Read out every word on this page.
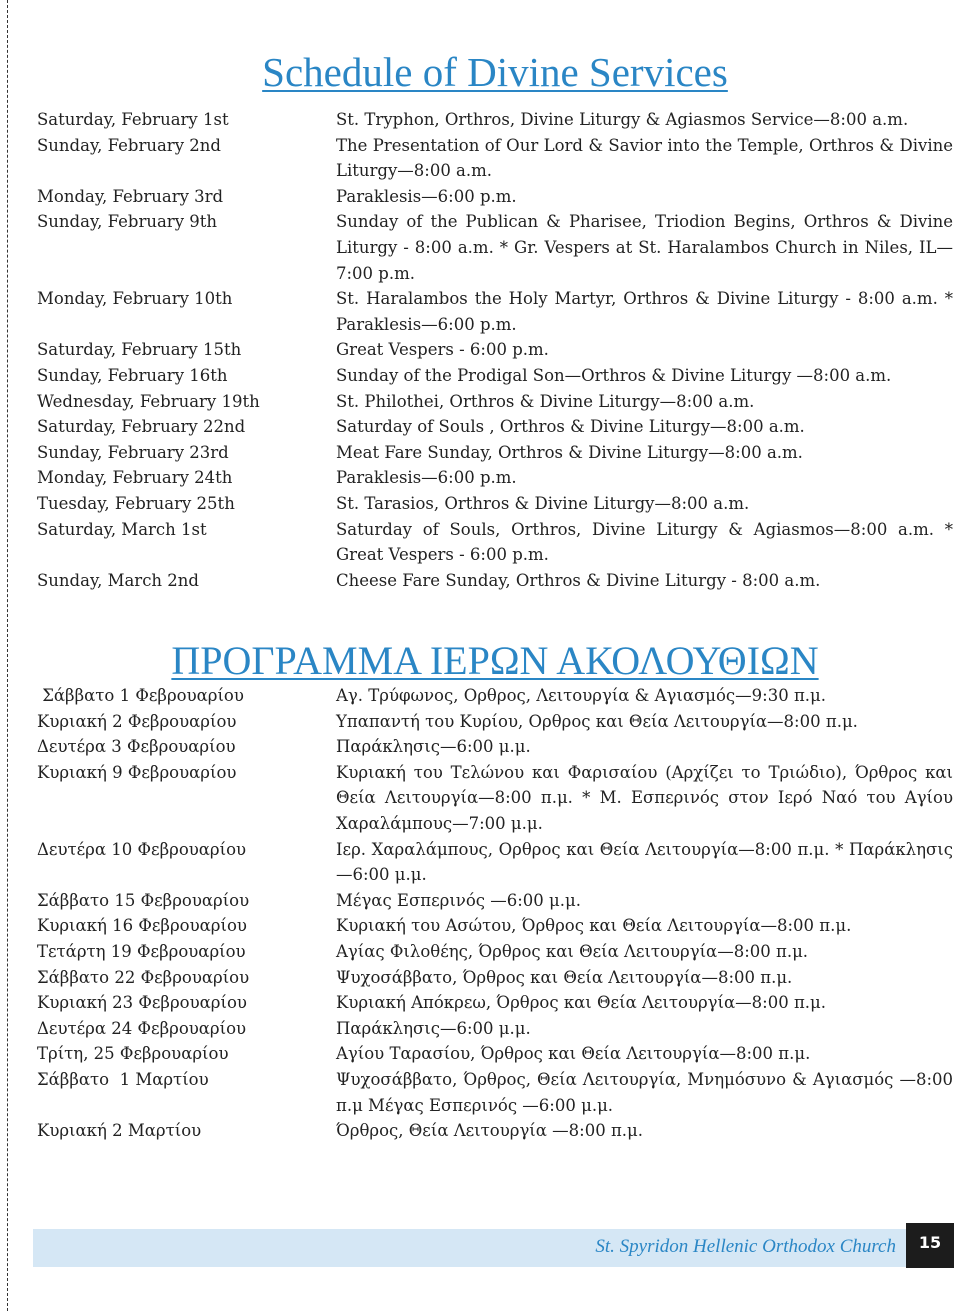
Schedule of Divine Services
Saturday, February 1st	St. Tryphon, Orthros, Divine Liturgy & Agiasmos Service—8:00 a.m.
Sunday, February 2nd	The Presentation of Our Lord & Savior into the Temple, Orthros & Divine Liturgy—8:00 a.m.
Monday, February 3rd	Paraklesis—6:00 p.m.
Sunday, February 9th	Sunday of the Publican & Pharisee, Triodion Begins, Orthros & Divine Liturgy - 8:00 a.m. * Gr. Vespers at St. Haralambos Church in Niles, IL—7:00 p.m.
Monday, February 10th	St. Haralambos the Holy Martyr, Orthros & Divine Liturgy - 8:00 a.m. * Paraklesis—6:00 p.m.
Saturday, February 15th	Great Vespers - 6:00 p.m.
Sunday, February 16th	Sunday of the Prodigal Son—Orthros & Divine Liturgy —8:00 a.m.
Wednesday, February 19th	St. Philothei, Orthros & Divine Liturgy—8:00 a.m.
Saturday, February 22nd	Saturday of Souls , Orthros & Divine Liturgy—8:00 a.m.
Sunday, February 23rd	Meat Fare Sunday, Orthros & Divine Liturgy—8:00 a.m.
Monday, February 24th	Paraklesis—6:00 p.m.
Tuesday, February 25th	St. Tarasios, Orthros & Divine Liturgy—8:00 a.m.
Saturday, March 1st	Saturday of Souls, Orthros, Divine Liturgy & Agiasmos—8:00 a.m. * Great Vespers - 6:00 p.m.
Sunday, March 2nd	Cheese Fare Sunday, Orthros & Divine Liturgy - 8:00 a.m.
ΠΡΟΓΡΑΜΜΑ ΙΕΡΩΝ ΑΚΟΛΟΥΘΙΩΝ
Σάββατο 1 Φεβρουαρίου	Αγ. Τρύφωνος, Ορθρος, Λειτουργία & Αγιασμός—9:30 π.μ.
Κυριακή 2 Φεβρουαρίου	Υπαπαντή του Κυρίου, Ορθρος και Θεία Λειτουργία—8:00 π.μ.
Δευτέρα 3 Φεβρουαρίου	Παράκλησις—6:00 μ.μ.
Κυριακή 9 Φεβρουαρίου	Κυριακή του Τελώνου και Φαρισαίου (Αρχίζει το Τριώδιο), Όρθρος και Θεία Λειτουργία—8:00 π.μ. * Μ. Εσπερινός στον Ιερό Ναό του Αγίου Χαραλάμπους—7:00 μ.μ.
Δευτέρα 10 Φεβρουαρίου	Ιερ. Χαραλάμπους, Ορθρος και Θεία Λειτουργία—8:00 π.μ. * Παράκλησις—6:00 μ.μ.
Σάββατο 15 Φεβρουαρίου	Μέγας Εσπερινός —6:00 μ.μ.
Κυριακή 16 Φεβρουαρίου	Κυριακή του Ασώτου, Όρθρος και Θεία Λειτουργία—8:00 π.μ.
Τετάρτη 19 Φεβρουαρίου	Αγίας Φιλοθέης, Όρθρος και Θεία Λειτουργία—8:00 π.μ.
Σάββατο 22 Φεβρουαρίου	Ψυχοσάββατο, Όρθρος και Θεία Λειτουργία—8:00 π.μ.
Κυριακή 23 Φεβρουαρίου	Κυριακή Απόκρεω, Όρθρος και Θεία Λειτουργία—8:00 π.μ.
Δευτέρα 24 Φεβρουαρίου	Παράκλησις—6:00 μ.μ.
Τρίτη, 25 Φεβρουαρίου	Αγίου Ταρασίου, Όρθρος και Θεία Λειτουργία—8:00 π.μ.
Σάββατο  1 Μαρτίου	Ψυχοσάββατο, Όρθρος, Θεία Λειτουργία, Μνημόσυνο & Αγιασμός —8:00 π.μ Μέγας Εσπερινός —6:00 μ.μ.
Κυριακή 2 Μαρτίου	Όρθρος, Θεία Λειτουργία —8:00 π.μ.
St. Spyridon Hellenic Orthodox Church	15
